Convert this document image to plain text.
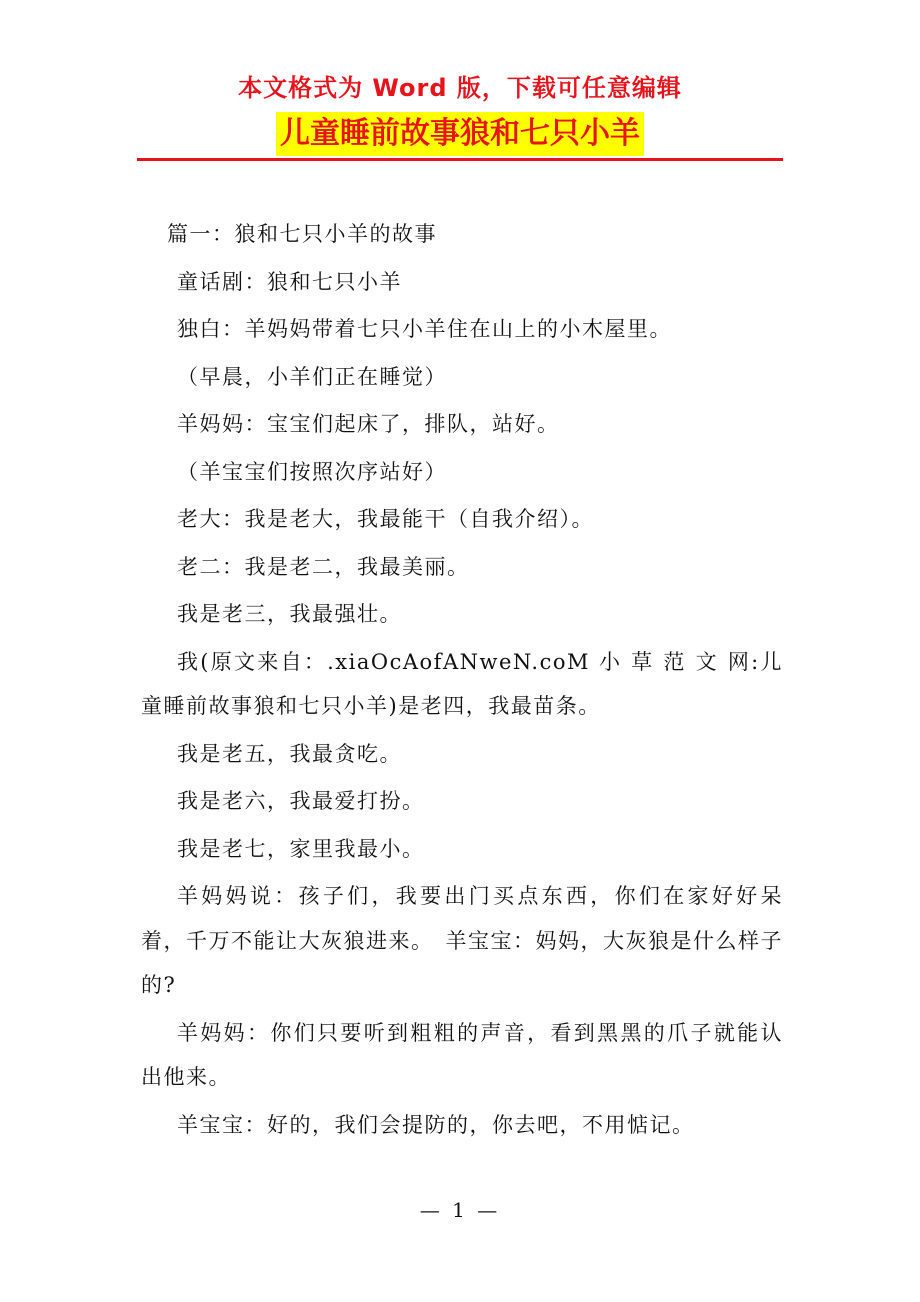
本文格式为 Word 版，下载可任意编辑
儿童睡前故事狼和七只小羊

篇一：狼和七只小羊的故事

童话剧：狼和七只小羊

独白：羊妈妈带着七只小羊住在山上的小木屋里。

（早晨，小羊们正在睡觉）

羊妈妈：宝宝们起床了，排队，站好。

（羊宝宝们按照次序站好）

老大：我是老大，我最能干（自我介绍）。

老二：我是老二，我最美丽。

我是老三，我最强壮。

我(原文来自：.xiaOcAofANweN.coM 小 草 范 文 网:儿童睡前故事狼和七只小羊)是老四，我最苗条。

我是老五，我最贪吃。

我是老六，我最爱打扮。

我是老七，家里我最小。

羊妈妈说：孩子们，我要出门买点东西，你们在家好好呆着，千万不能让大灰狼进来。　羊宝宝：妈妈，大灰狼是什么样子的?

羊妈妈：你们只要听到粗粗的声音，看到黑黑的爪子就能认出他来。

羊宝宝：好的，我们会提防的，你去吧，不用惦记。

— 1 —
